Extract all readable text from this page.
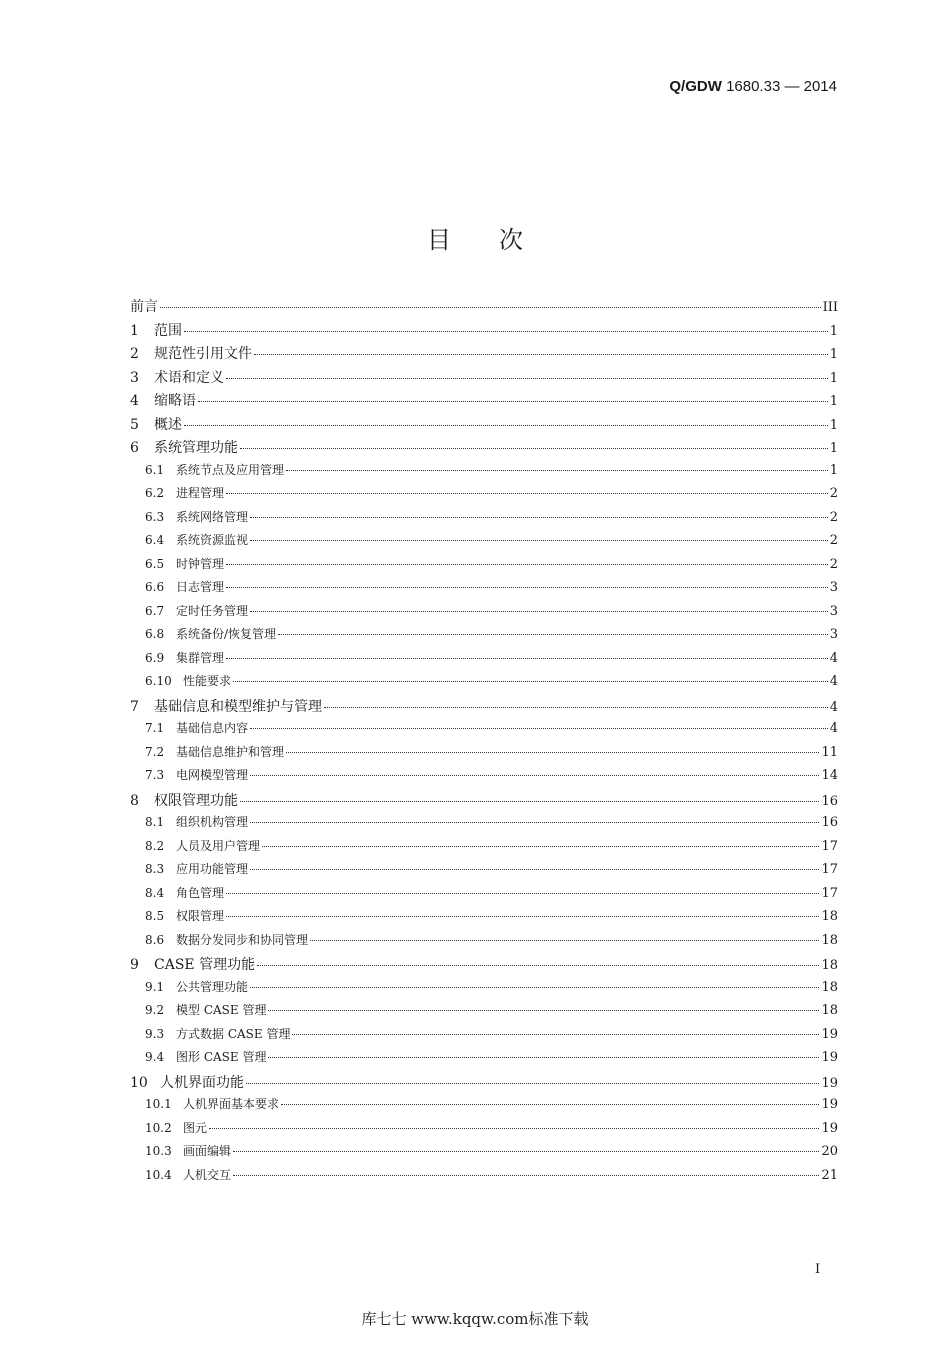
Q/GDW 1680.33 — 2014
目次
前言	III
1	范围	1
2	规范性引用文件	1
3	术语和定义	1
4	缩略语	1
5	概述	1
6	系统管理功能	1
6.1 系统节点及应用管理	1
6.2 进程管理	2
6.3 系统网络管理	2
6.4 系统资源监视	2
6.5 时钟管理	2
6.6 日志管理	3
6.7 定时任务管理	3
6.8 系统备份/恢复管理	3
6.9 集群管理	4
6.10 性能要求	4
7	基础信息和模型维护与管理	4
7.1 基础信息内容	4
7.2 基础信息维护和管理	11
7.3 电网模型管理	14
8	权限管理功能	16
8.1 组织机构管理	16
8.2 人员及用户管理	17
8.3 应用功能管理	17
8.4 角色管理	17
8.5 权限管理	18
8.6 数据分发同步和协同管理	18
9	CASE 管理功能	18
9.1 公共管理功能	18
9.2 模型 CASE 管理	18
9.3 方式数据 CASE 管理	19
9.4 图形 CASE 管理	19
10 人机界面功能	19
10.1 人机界面基本要求	19
10.2 图元	19
10.3 画面编辑	20
10.4 人机交互	21
I
库七七 www.kqqw.com标准下载
